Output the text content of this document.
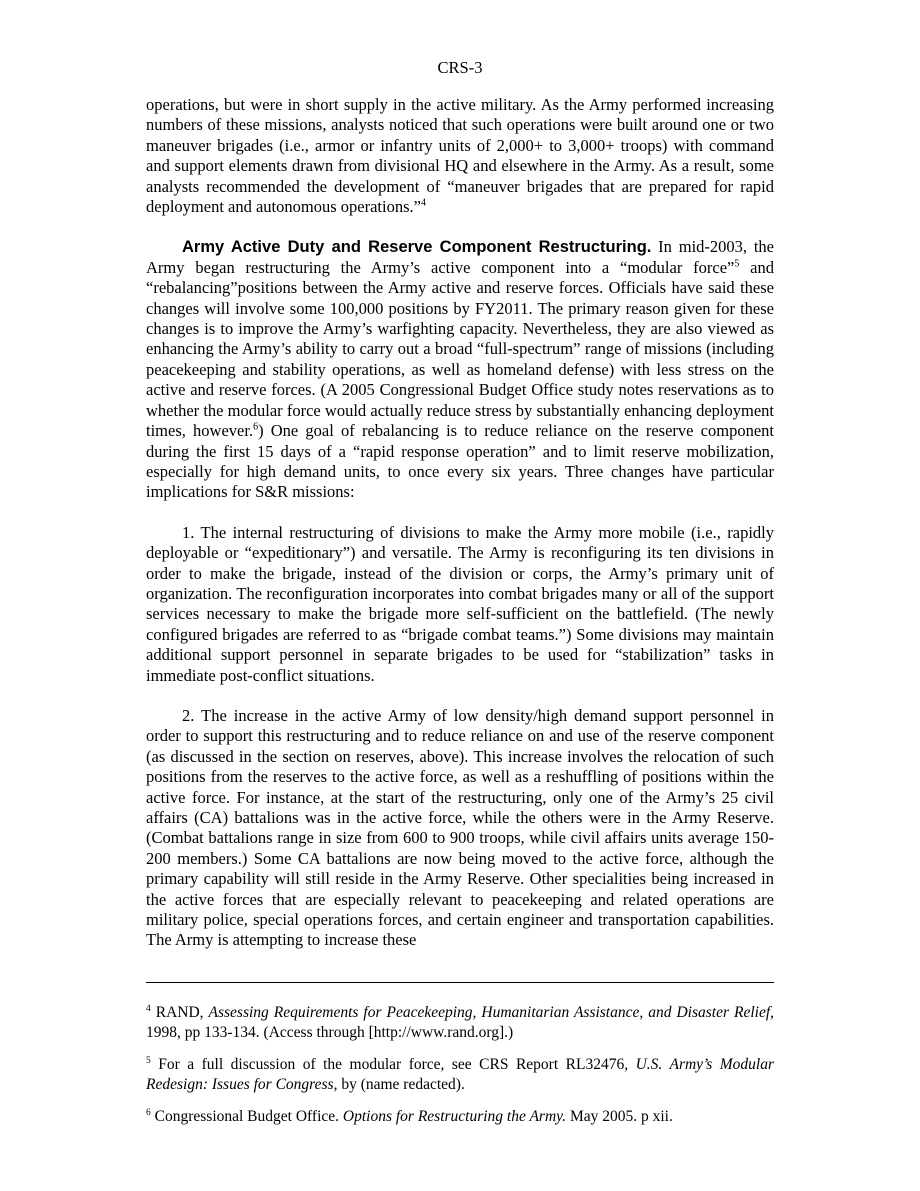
CRS-3

operations, but were in short supply in the active military. As the Army performed increasing numbers of these missions, analysts noticed that such operations were built around one or two maneuver brigades (i.e., armor or infantry units of 2,000+ to 3,000+ troops) with command and support elements drawn from divisional HQ and elsewhere in the Army. As a result, some analysts recommended the development of “maneuver brigades that are prepared for rapid deployment and autonomous operations.”$^4$

Army Active Duty and Reserve Component Restructuring. In mid-2003, the Army began restructuring the Army’s active component into a “modular force”$^5$ and “rebalancing”positions between the Army active and reserve forces. Officials have said these changes will involve some 100,000 positions by FY2011. The primary reason given for these changes is to improve the Army’s warfighting capacity. Nevertheless, they are also viewed as enhancing the Army’s ability to carry out a broad “full-spectrum” range of missions (including peacekeeping and stability operations, as well as homeland defense) with less stress on the active and reserve forces. (A 2005 Congressional Budget Office study notes reservations as to whether the modular force would actually reduce stress by substantially enhancing deployment times, however.$^6$) One goal of rebalancing is to reduce reliance on the reserve component during the first 15 days of a “rapid response operation” and to limit reserve mobilization, especially for high demand units, to once every six years. Three changes have particular implications for S&R missions:

1. The internal restructuring of divisions to make the Army more mobile (i.e., rapidly deployable or “expeditionary”) and versatile. The Army is reconfiguring its ten divisions in order to make the brigade, instead of the division or corps, the Army’s primary unit of organization. The reconfiguration incorporates into combat brigades many or all of the support services necessary to make the brigade more self-sufficient on the battlefield. (The newly configured brigades are referred to as “brigade combat teams.”) Some divisions may maintain additional support personnel in separate brigades to be used for “stabilization” tasks in immediate post-conflict situations.

2. The increase in the active Army of low density/high demand support personnel in order to support this restructuring and to reduce reliance on and use of the reserve component (as discussed in the section on reserves, above). This increase involves the relocation of such positions from the reserves to the active force, as well as a reshuffling of positions within the active force. For instance, at the start of the restructuring, only one of the Army’s 25 civil affairs (CA) battalions was in the active force, while the others were in the Army Reserve. (Combat battalions range in size from 600 to 900 troops, while civil affairs units average 150-200 members.) Some CA battalions are now being moved to the active force, although the primary capability will still reside in the Army Reserve. Other specialities being increased in the active forces that are especially relevant to peacekeeping and related operations are military police, special operations forces, and certain engineer and transportation capabilities. The Army is attempting to increase these

$^4$ RAND, Assessing Requirements for Peacekeeping, Humanitarian Assistance, and Disaster Relief, 1998, pp 133-134. (Access through [http://www.rand.org].)

$^5$ For a full discussion of the modular force, see CRS Report RL32476, U.S. Army’s Modular Redesign: Issues for Congress, by (name redacted).

$^6$ Congressional Budget Office. Options for Restructuring the Army. May 2005. p xii.
